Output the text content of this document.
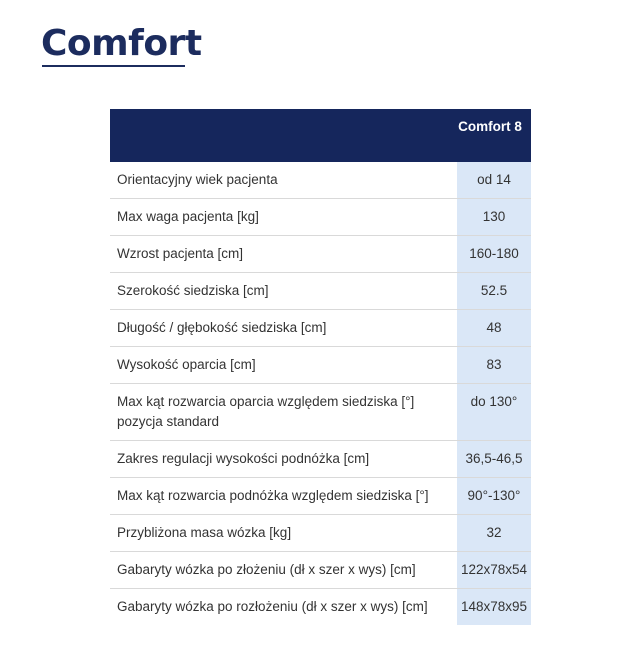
Comfort
	Comfort 8
Orientacyjny wiek pacjenta	od 14
Max waga pacjenta [kg]	130
Wzrost pacjenta [cm]	160-180
Szerokość siedziska [cm]	52.5
Długość / głębokość siedziska [cm]	48
Wysokość oparcia [cm]	83
Max kąt rozwarcia oparcia względem siedziska [°] pozycja standard	do 130°
Zakres regulacji wysokości podnóżka [cm]	36,5-46,5
Max kąt rozwarcia podnóżka względem siedziska [°]	90°-130°
Przybliżona masa wózka [kg]	32
Gabaryty wózka po złożeniu (dł x szer x wys) [cm]	122x78x54
Gabaryty wózka po rozłożeniu (dł x szer x wys) [cm]	148x78x95
